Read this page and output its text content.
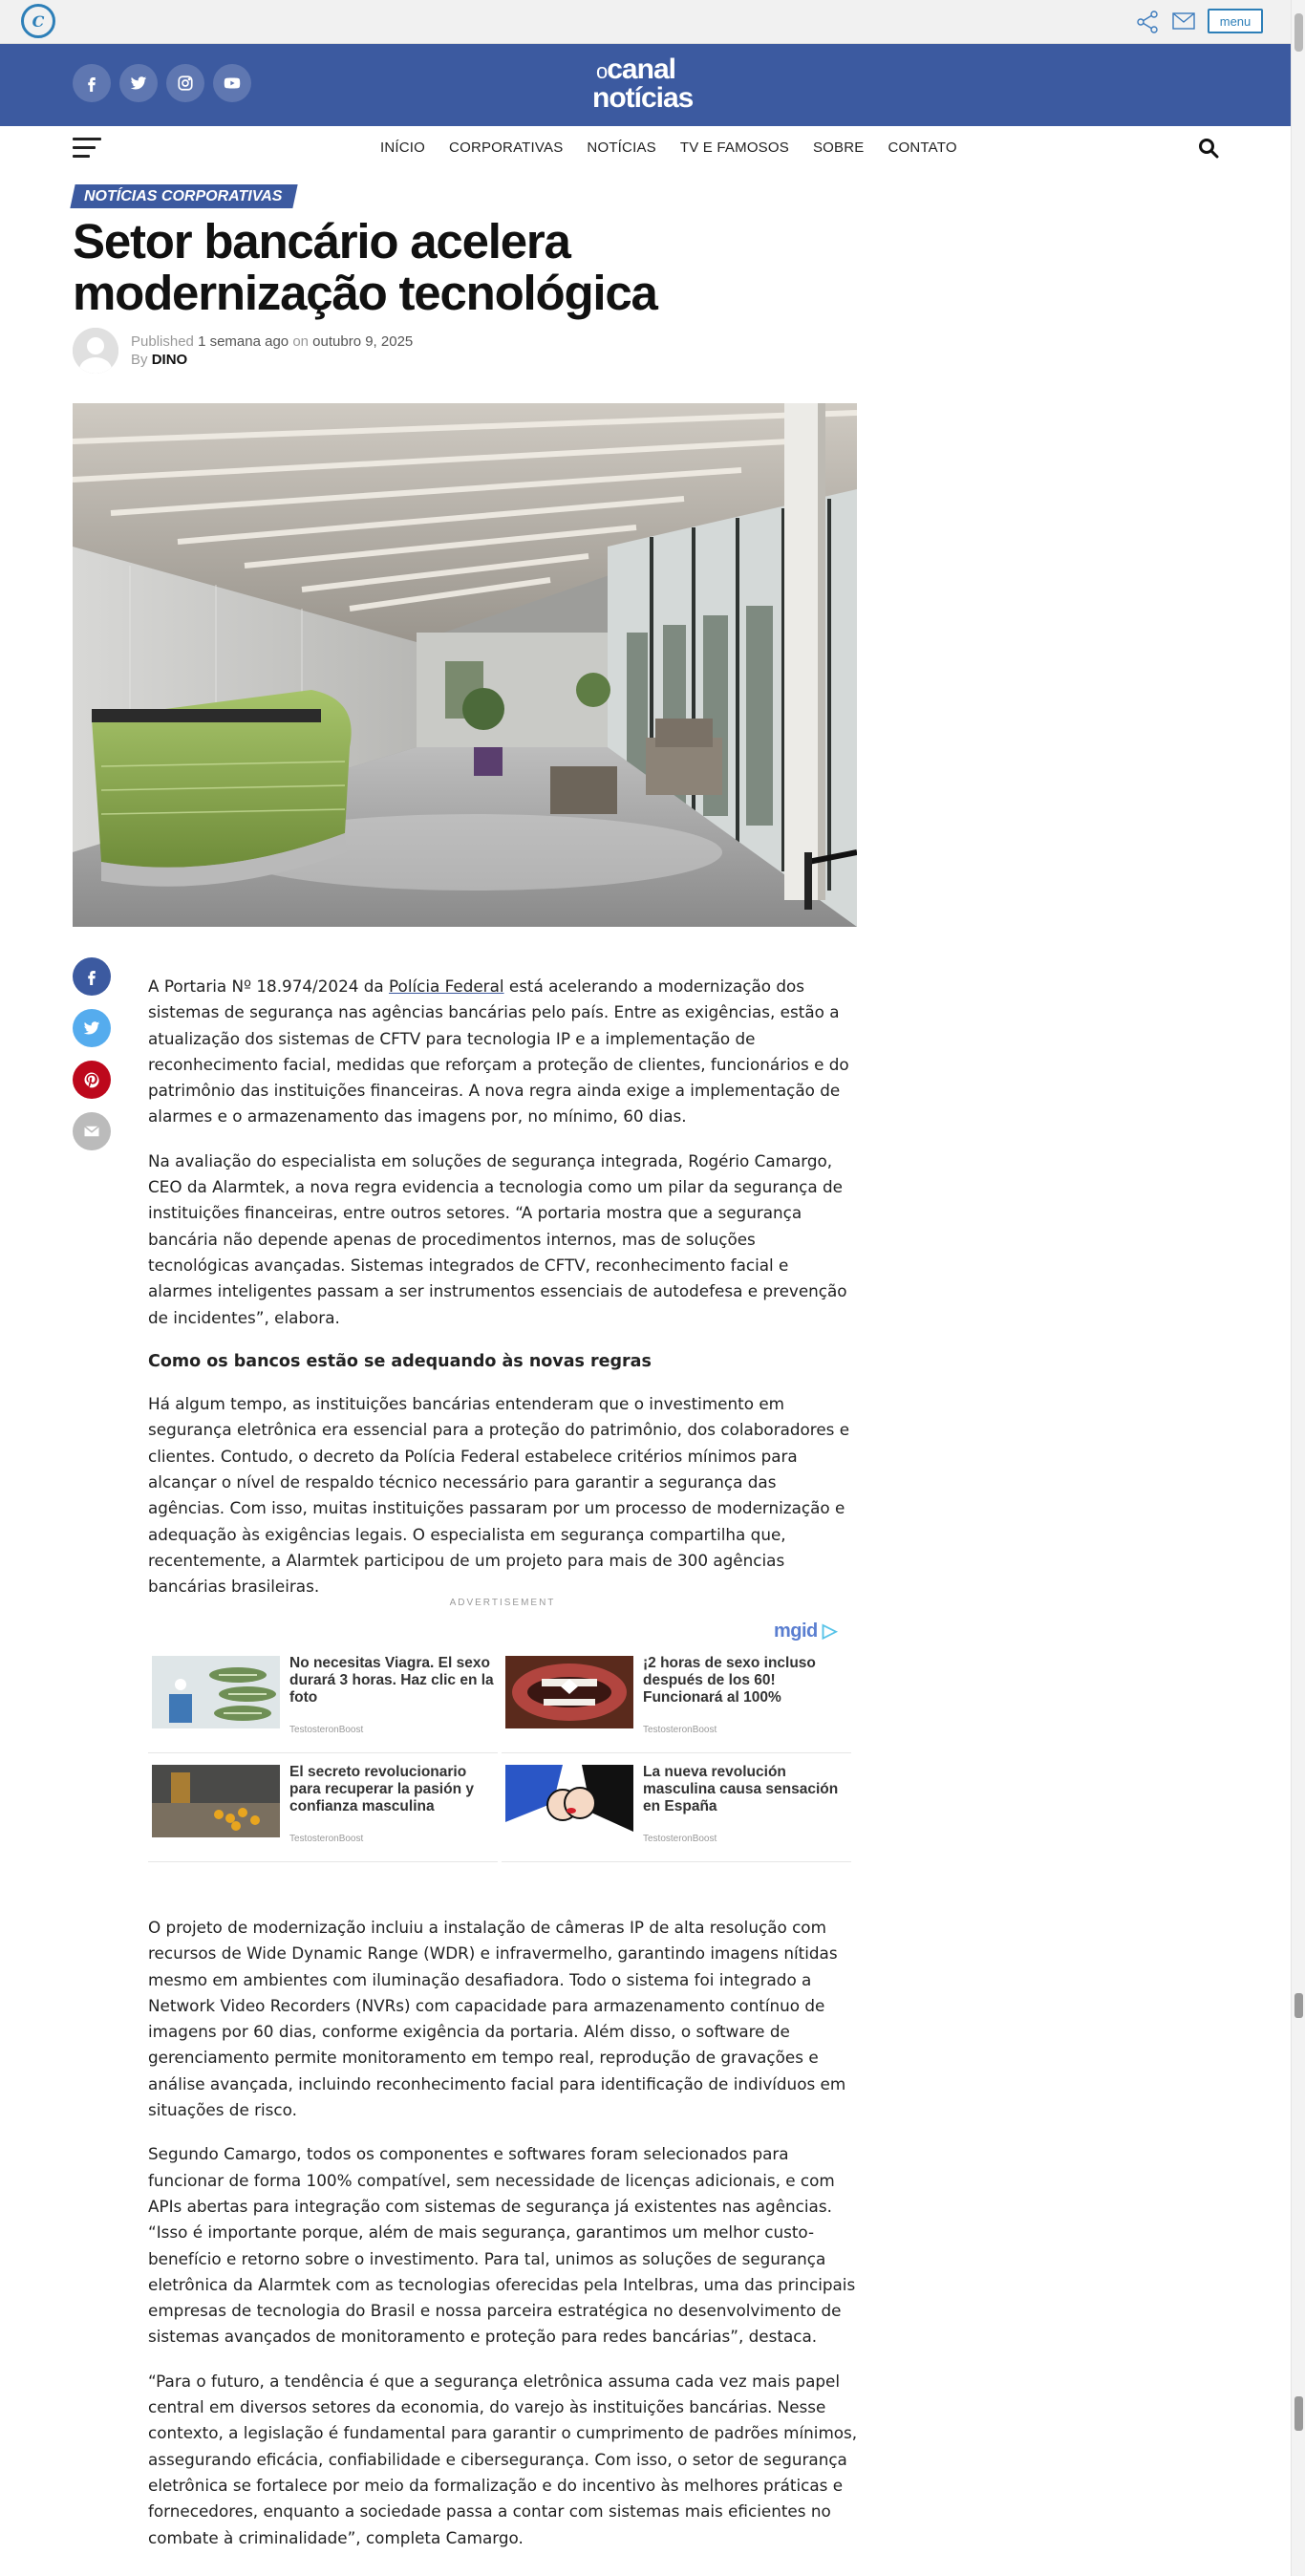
C	menu
ocanal
notícias
INÍCIO CORPORATIVAS NOTÍCIAS TV E FAMOSOS SOBRE CONTATO
NOTÍCIAS CORPORATIVAS
Setor bancário acelera modernização tecnológica
Published 1 semana ago on outubro 9, 2025
By DINO

A Portaria Nº 18.974/2024 da Polícia Federal está acelerando a modernização dos sistemas de segurança nas agências bancárias pelo país. Entre as exigências, estão a atualização dos sistemas de CFTV para tecnologia IP e a implementação de reconhecimento facial, medidas que reforçam a proteção de clientes, funcionários e do patrimônio das instituições financeiras. A nova regra ainda exige a implementação de alarmes e o armazenamento das imagens por, no mínimo, 60 dias.

Na avaliação do especialista em soluções de segurança integrada, Rogério Camargo, CEO da Alarmtek, a nova regra evidencia a tecnologia como um pilar da segurança de instituições financeiras, entre outros setores. “A portaria mostra que a segurança bancária não depende apenas de procedimentos internos, mas de soluções tecnológicas avançadas. Sistemas integrados de CFTV, reconhecimento facial e alarmes inteligentes passam a ser instrumentos essenciais de autodefesa e prevenção de incidentes”, elabora.

Como os bancos estão se adequando às novas regras

Há algum tempo, as instituições bancárias entenderam que o investimento em segurança eletrônica era essencial para a proteção do patrimônio, dos colaboradores e clientes. Contudo, o decreto da Polícia Federal estabelece critérios mínimos para alcançar o nível de respaldo técnico necessário para garantir a segurança das agências. Com isso, muitas instituições passaram por um processo de modernização e adequação às exigências legais. O especialista em segurança compartilha que, recentemente, a Alarmtek participou de um projeto para mais de 300 agências bancárias brasileiras.

ADVERTISEMENT
mgid ▷
No necesitas Viagra. El sexo durará 3 horas. Haz clic en la foto
TestosteronBoost
¡2 horas de sexo incluso después de los 60! Funcionará al 100%
TestosteronBoost
El secreto revolucionario para recuperar la pasión y confianza masculina
TestosteronBoost
La nueva revolución masculina causa sensación en España
TestosteronBoost

O projeto de modernização incluiu a instalação de câmeras IP de alta resolução com recursos de Wide Dynamic Range (WDR) e infravermelho, garantindo imagens nítidas mesmo em ambientes com iluminação desafiadora. Todo o sistema foi integrado a Network Video Recorders (NVRs) com capacidade para armazenamento contínuo de imagens por 60 dias, conforme exigência da portaria. Além disso, o software de gerenciamento permite monitoramento em tempo real, reprodução de gravações e análise avançada, incluindo reconhecimento facial para identificação de indivíduos em situações de risco.

Segundo Camargo, todos os componentes e softwares foram selecionados para funcionar de forma 100% compatível, sem necessidade de licenças adicionais, e com APIs abertas para integração com sistemas de segurança já existentes nas agências. “Isso é importante porque, além de mais segurança, garantimos um melhor custo-benefício e retorno sobre o investimento. Para tal, unimos as soluções de segurança eletrônica da Alarmtek com as tecnologias oferecidas pela Intelbras, uma das principais empresas de tecnologia do Brasil e nossa parceira estratégica no desenvolvimento de sistemas avançados de monitoramento e proteção para redes bancárias”, destaca.

“Para o futuro, a tendência é que a segurança eletrônica assuma cada vez mais papel central em diversos setores da economia, do varejo às instituições bancárias. Nesse contexto, a legislação é fundamental para garantir o cumprimento de padrões mínimos, assegurando eficácia, confiabilidade e cibersegurança. Com isso, o setor de segurança eletrônica se fortalece por meio da formalização e do incentivo às melhores práticas e fornecedores, enquanto a sociedade passa a contar com sistemas mais eficientes no combate à criminalidade”, completa Camargo.
